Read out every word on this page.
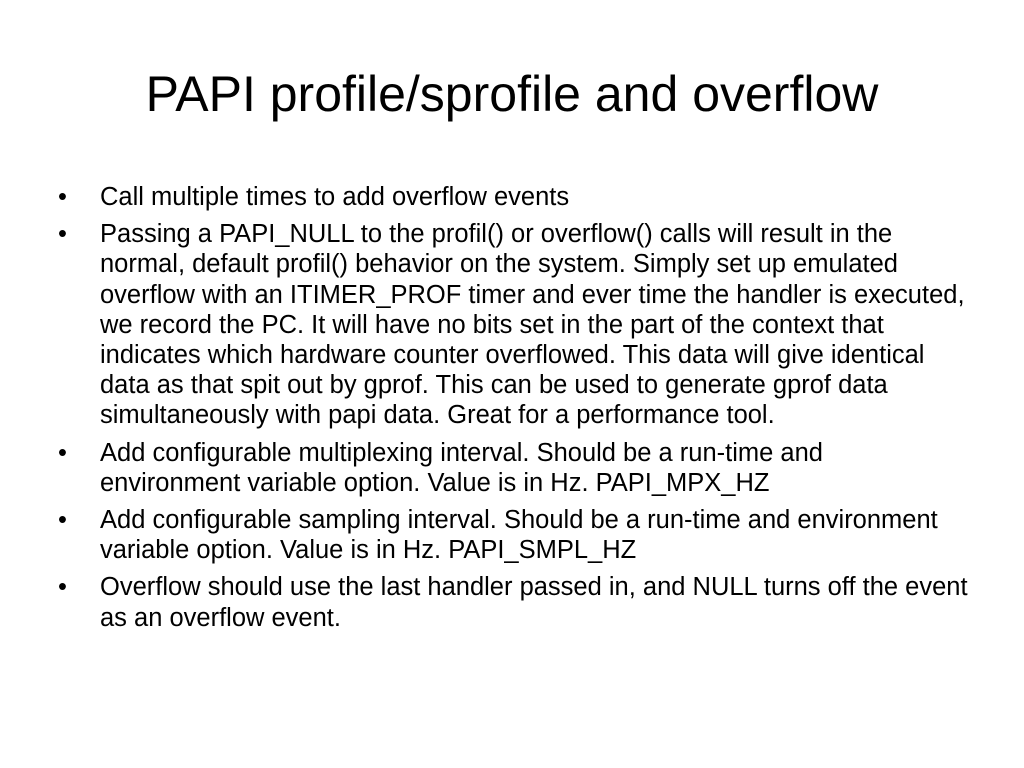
PAPI profile/sprofile and overflow
•	Call multiple times to add overflow events
•	Passing a PAPI_NULL to the profil() or overflow() calls will result in the normal, default profil() behavior on the system. Simply set up emulated overflow with an ITIMER_PROF timer and ever time the handler is executed, we record the PC. It will have no bits set in the part of the context that indicates which hardware counter overflowed. This data will give identical data as that spit out by gprof. This can be used to generate gprof data simultaneously with papi data. Great for a performance tool.
•	Add configurable multiplexing interval. Should be a run-time and environment variable option. Value is in Hz. PAPI_MPX_HZ
•	Add configurable sampling interval. Should be a run-time and environment variable option. Value is in Hz. PAPI_SMPL_HZ
•	Overflow should use the last handler passed in, and NULL turns off the event as an overflow event.
